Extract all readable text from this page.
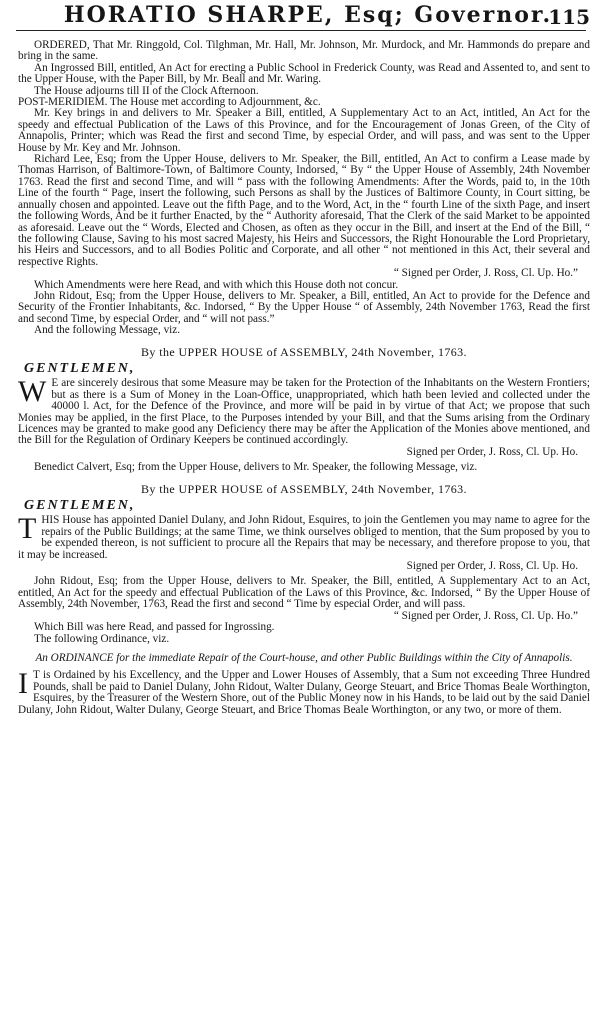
HORATIO SHARPE, Esq; Governor.
115

ORDERED, That Mr. Ringgold, Col. Tilghman, Mr. Hall, Mr. Johnson, Mr. Murdock, and Mr. Hammonds do prepare and bring in the same.

An Ingrossed Bill, entitled, An Act for erecting a Public School in Frederick County, was Read and Assented to, and sent to the Upper House, with the Paper Bill, by Mr. Beall and Mr. Waring.

The House adjourns till II of the Clock Afternoon.

POST-MERIDIEM. The House met according to Adjournment, &c.

Mr. Key brings in and delivers to Mr. Speaker a Bill, entitled, A Supplementary Act to an Act, intitled, An Act for the speedy and effectual Publication of the Laws of this Province, and for the Encouragement of Jonas Green, of the City of Annapolis, Printer; which was Read the first and second Time, by especial Order, and will pass, and was sent to the Upper House by Mr. Key and Mr. Johnson.

Richard Lee, Esq; from the Upper House, delivers to Mr. Speaker, the Bill, entitled, An Act to confirm a Lease made by Thomas Harrison, of Baltimore-Town, of Baltimore County, Indorsed, “ By “ the Upper House of Assembly, 24th November 1763. Read the first and second Time, and will “ pass with the following Amendments: After the Words, paid to, in the 10th Line of the fourth “ Page, insert the following, such Persons as shall by the Justices of Baltimore County, in Court sitting, be annually chosen and appointed. Leave out the fifth Page, and to the Word, Act, in the “ fourth Line of the sixth Page, and insert the following Words, And be it further Enacted, by the “ Authority aforesaid, That the Clerk of the said Market to be appointed as aforesaid. Leave out the “ Words, Elected and Chosen, as often as they occur in the Bill, and insert at the End of the Bill, “ the following Clause, Saving to his most sacred Majesty, his Heirs and Successors, the Right Honourable the Lord Proprietary, his Heirs and Successors, and to all Bodies Politic and Corporate, and all other “ not mentioned in this Act, their several and respective Rights.

“ Signed per Order, J. Ross, Cl. Up. Ho.”

Which Amendments were here Read, and with which this House doth not concur.

John Ridout, Esq; from the Upper House, delivers to Mr. Speaker, a Bill, entitled, An Act to provide for the Defence and Security of the Frontier Inhabitants, &c. Indorsed, “ By the Upper House “ of Assembly, 24th November 1763, Read the first and second Time, by especial Order, and “ will not pass.”

And the following Message, viz.

By the UPPER HOUSE of ASSEMBLY, 24th November, 1763.

GENTLEMEN,

W E are sincerely desirous that some Measure may be taken for the Protection of the Inhabitants on the Western Frontiers; but as there is a Sum of Money in the Loan-Office, unappropriated, which hath been levied and collected under the 40000 l. Act, for the Defence of the Province, and more will be paid in by virtue of that Act; we propose that such Monies may be applied, in the first Place, to the Purposes intended by your Bill, and that the Sums arising from the Ordinary Licences may be granted to make good any Deficiency there may be after the Application of the Monies above mentioned, and the Bill for the Regulation of Ordinary Keepers be continued accordingly.

Signed per Order, J. Ross, Cl. Up. Ho.

Benedict Calvert, Esq; from the Upper House, delivers to Mr. Speaker, the following Message, viz.

By the UPPER HOUSE of ASSEMBLY, 24th November, 1763.

GENTLEMEN,

THIS House has appointed Daniel Dulany, and John Ridout, Esquires, to join the Gentlemen you may name to agree for the repairs of the Public Buildings; at the same Time, we think ourselves obliged to mention, that the Sum proposed by you to be expended thereon, is not sufficient to procure all the Repairs that may be necessary, and therefore propose to you, that it may be increased.

Signed per Order, J. Ross, Cl. Up. Ho.

John Ridout, Esq; from the Upper House, delivers to Mr. Speaker, the Bill, entitled, A Supplementary Act to an Act, entitled, An Act for the speedy and effectual Publication of the Laws of this Province, &c. Indorsed, “ By the Upper House of Assembly, 24th November, 1763, Read the first and second “ Time by especial Order, and will pass.

“ Signed per Order, J. Ross, Cl. Up. Ho.”

Which Bill was here Read, and passed for Ingrossing.

The following Ordinance, viz.

An ORDINANCE for the immediate Repair of the Court-house, and other Public Buildings within the City of Annapolis.

I T is Ordained by his Excellency, and the Upper and Lower Houses of Assembly, that a Sum not exceeding Three Hundred Pounds, shall be paid to Daniel Dulany, John Ridout, Walter Dulany, George Steuart, and Brice Thomas Beale Worthington, Esquires, by the Treasurer of the Western Shore, out of the Public Money now in his Hands, to be laid out by the said Daniel Dulany, John Ridout, Walter Dulany, George Steuart, and Brice Thomas Beale Worthington, or any two, or more of them.
